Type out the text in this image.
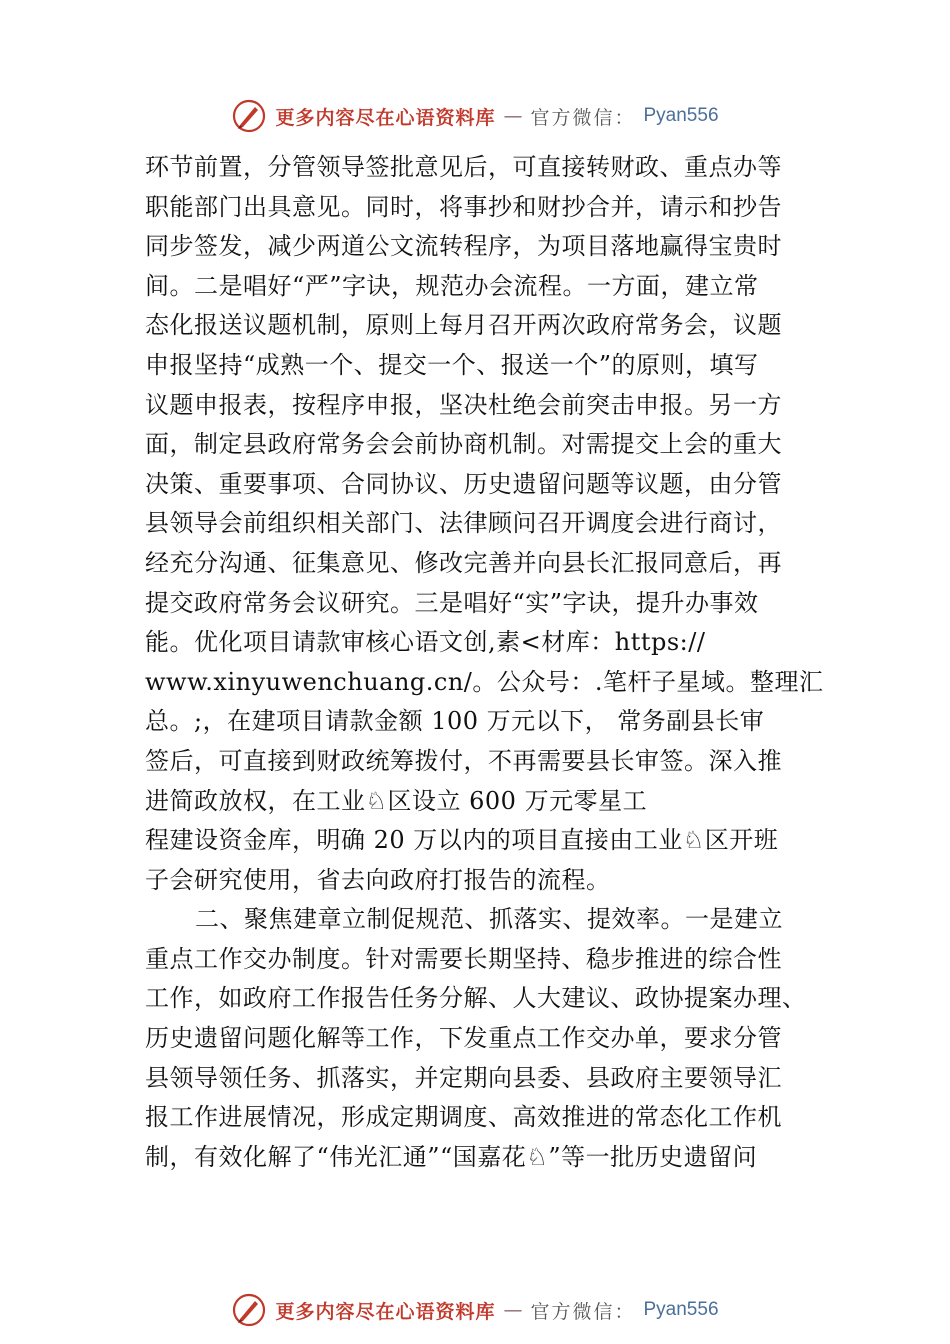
更多内容尽在心语资料库 — 官方微信： Pyan556
环节前置，分管领导签批意见后，可直接转财政、重点办等
职能部门出具意见。同时，将事抄和财抄合并，请示和抄告
同步签发，减少两道公文流转程序，为项目落地赢得宝贵时
间。二是唱好“严”字诀，规范办会流程。一方面，建立常
态化报送议题机制，原则上每月召开两次政府常务会，议题
申报坚持“成熟一个、提交一个、报送一个”的原则，填写
议题申报表，按程序申报，坚决杜绝会前突击申报。另一方
面，制定县政府常务会会前协商机制。对需提交上会的重大
决策、重要事项、合同协议、历史遗留问题等议题，由分管
县领导会前组织相关部门、法律顾问召开调度会进行商讨，
经充分沟通、征集意见、修改完善并向县长汇报同意后，再
提交政府常务会议研究。三是唱好“实”字诀，提升办事效
能。优化项目请款审核心语文创,素<材库：https://
www.xinyuwenchuang.cn/。公众号：.笔杆子星域。整理汇
总。;，在建项目请款金额 100 万元以下， 常务副县长审
签后，可直接到财政统筹拨付，不再需要县长审签。深入推
进简政放权，在工业♘区设立 600 万元零星工
程建设资金库，明确 20 万以内的项目直接由工业♘区开班
子会研究使用，省去向政府打报告的流程。
二、聚焦建章立制促规范、抓落实、提效率。一是建立
重点工作交办制度。针对需要长期坚持、稳步推进的综合性
工作，如政府工作报告任务分解、人大建议、政协提案办理、
历史遗留问题化解等工作，下发重点工作交办单，要求分管
县领导领任务、抓落实，并定期向县委、县政府主要领导汇
报工作进展情况，形成定期调度、高效推进的常态化工作机
制，有效化解了“伟光汇通”“国嘉花♘”等一批历史遗留问
更多内容尽在心语资料库 — 官方微信： Pyan556
